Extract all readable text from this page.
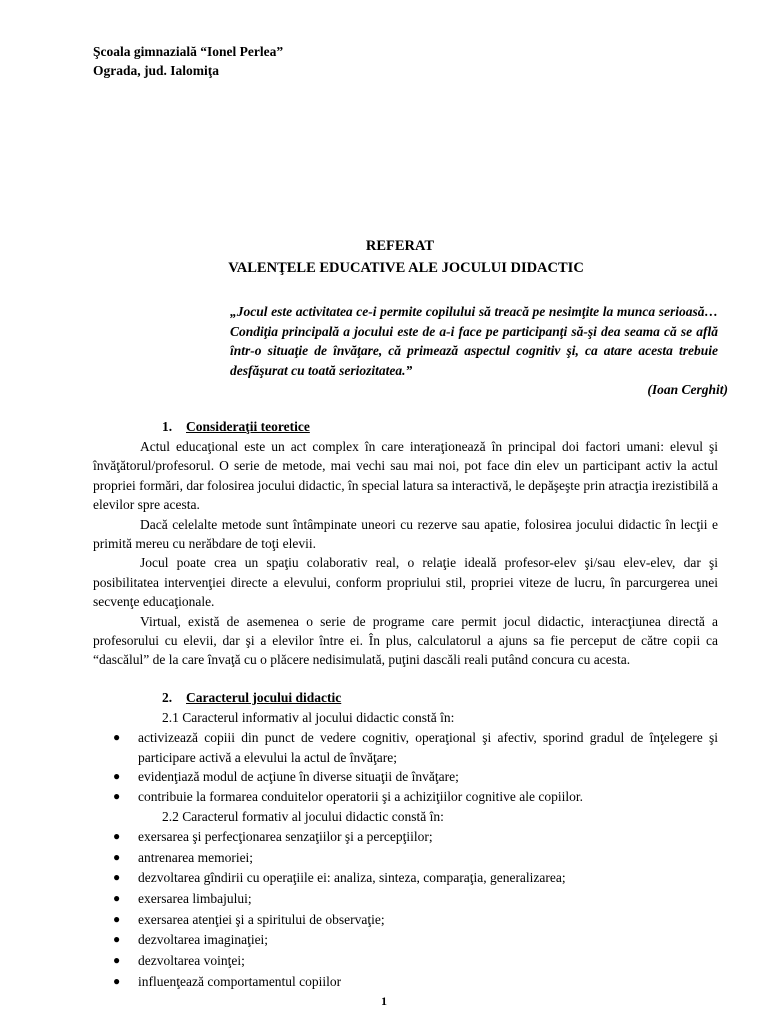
Şcoala gimnazială “Ionel Perlea”
Ograda, jud. Ialomiţa
REFERAT
VALENŢELE EDUCATIVE ALE JOCULUI DIDACTIC
„Jocul este activitatea ce-i permite copilului să treacă pe nesimţite la munca serioasă… Condiţia principală a jocului este de a-i face pe participanţi să-şi dea seama că se află într-o situaţie de învăţare, că primează aspectul cognitiv şi, ca atare acesta trebuie desfăşurat cu toată seriozitatea.”
(Ioan Cerghit)
1. Consideraţii teoretice

Actul educaţional este un act complex în care interaţionează în principal doi factori umani: elevul şi învăţătorul/profesorul. O serie de metode, mai vechi sau mai noi, pot face din elev un participant activ la actul propriei formări, dar folosirea jocului didactic, în special latura sa interactivă, le depăşeşte prin atracţia irezistibilă a elevilor spre acesta.

Dacă celelalte metode sunt întâmpinate uneori cu rezerve sau apatie, folosirea jocului didactic în lecţii e primită mereu cu nerăbdare de toţi elevii.

Jocul poate crea un spaţiu colaborativ real, o relaţie ideală profesor-elev şi/sau elev-elev, dar şi posibilitatea intervenţiei directe a elevului, conform propriului stil, propriei viteze de lucru, în parcurgerea unei secvenţe educaţionale.

Virtual, există de asemenea o serie de programe care permit jocul didactic, interacţiunea directă a profesorului cu elevii, dar şi a elevilor între ei. În plus, calculatorul a ajuns sa fie perceput de către copii ca “dascălul” de la care învaţă cu o plăcere nedisimulată, puţini dascăli reali putând concura cu acesta.

2. Caracterul jocului didactic
2.1 Caracterul informativ al jocului didactic constă în:
● activizează copiii din punct de vedere cognitiv, operaţional şi afectiv, sporind gradul de înţelegere şi participare activă a elevului la actul de învăţare;
● evidenţiază modul de acţiune în diverse situaţii de învăţare;
● contribuie la formarea conduitelor operatorii şi a achiziţiilor cognitive ale copiilor.
2.2 Caracterul formativ al jocului didactic constă în:
● exersarea şi perfecţionarea senzaţiilor şi a percepţiilor;
● antrenarea memoriei;
● dezvoltarea gîndirii cu operaţiile ei: analiza, sinteza, comparaţia, generalizarea;
● exersarea limbajului;
● exersarea atenţiei şi a spiritului de observaţie;
● dezvoltarea imaginaţiei;
● dezvoltarea voinţei;
● influenţează comportamentul copiilor
1
